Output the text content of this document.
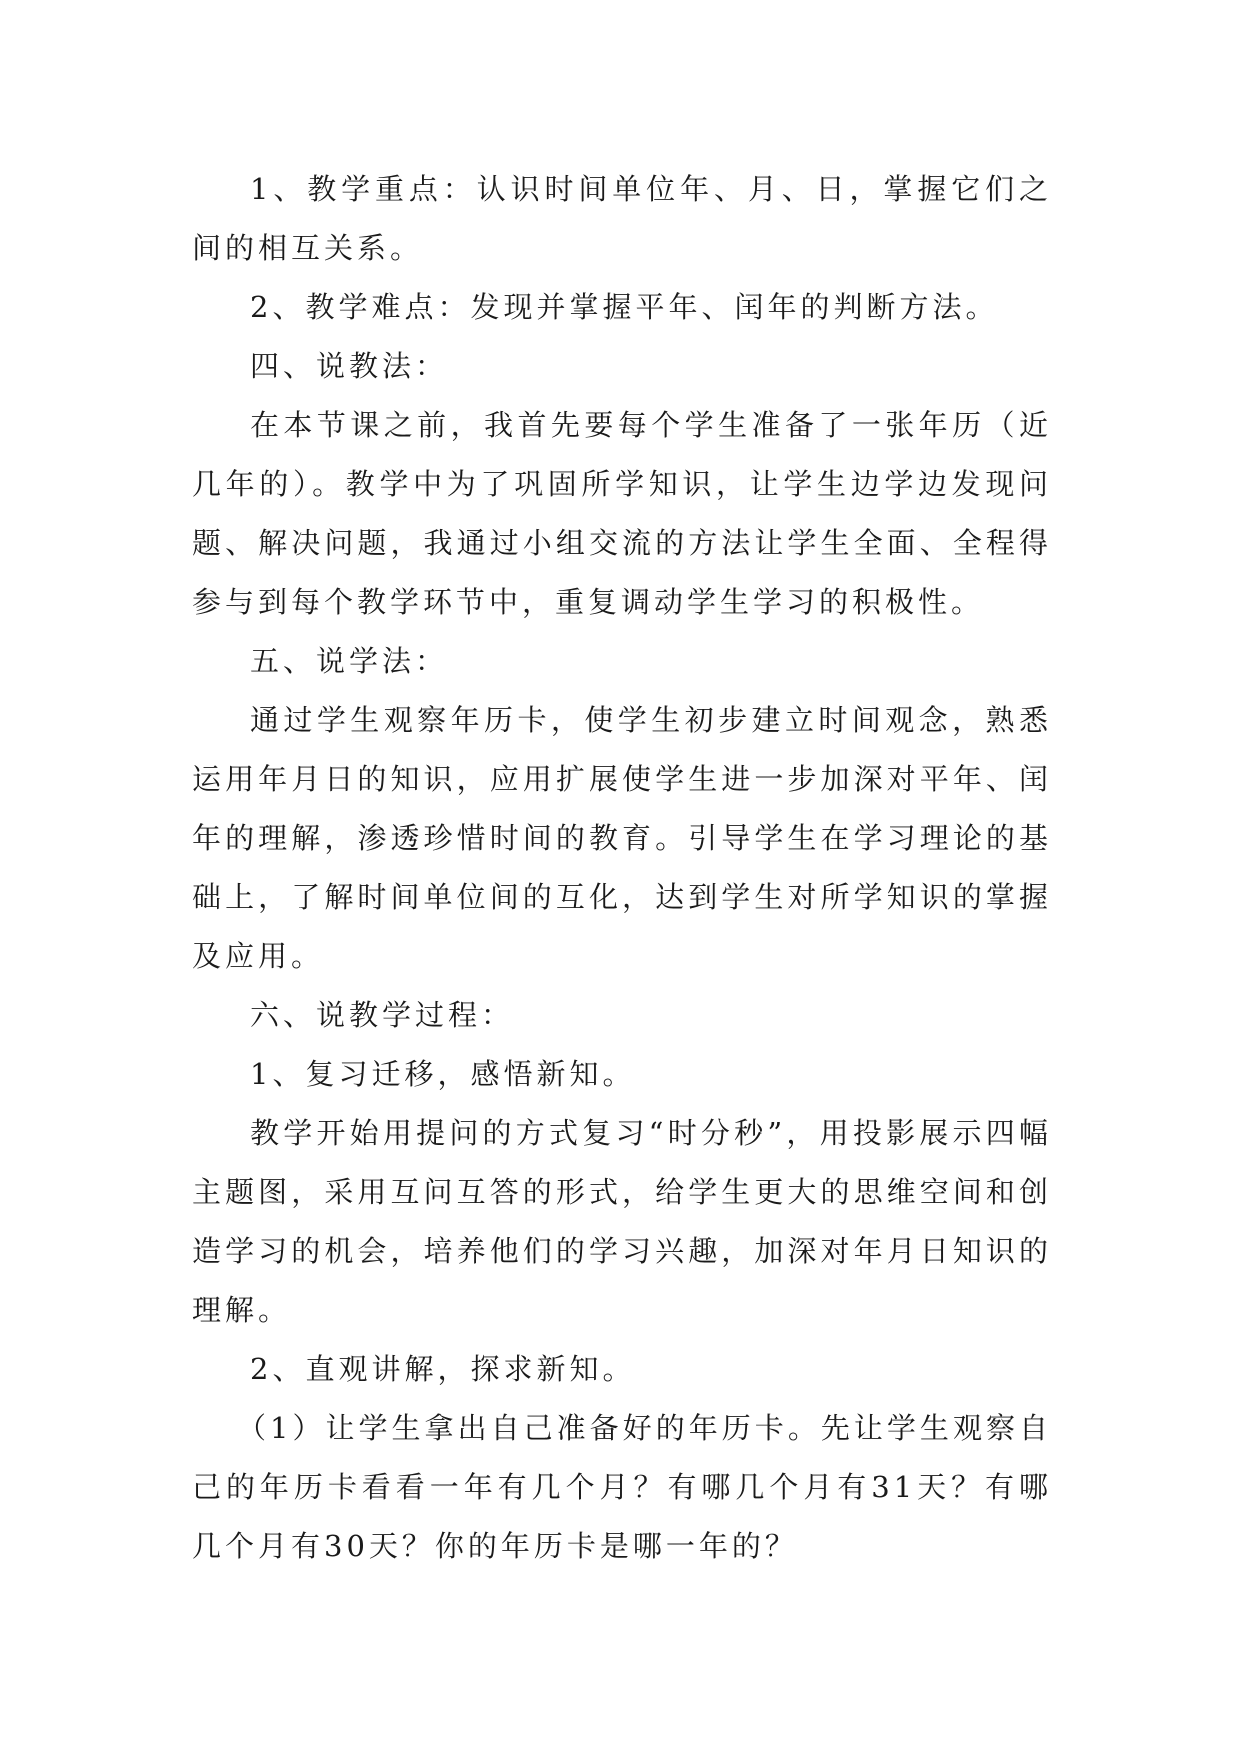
1、教学重点：认识时间单位年、月、日，掌握它们之间的相互关系。

2、教学难点：发现并掌握平年、闰年的判断方法。

四、说教法：

在本节课之前，我首先要每个学生准备了一张年历（近几年的）。教学中为了巩固所学知识，让学生边学边发现问题、解决问题，我通过小组交流的方法让学生全面、全程得参与到每个教学环节中，重复调动学生学习的积极性。

五、说学法：

通过学生观察年历卡，使学生初步建立时间观念，熟悉运用年月日的知识，应用扩展使学生进一步加深对平年、闰年的理解，渗透珍惜时间的教育。引导学生在学习理论的基础上，了解时间单位间的互化，达到学生对所学知识的掌握及应用。

六、说教学过程：

1、复习迁移，感悟新知。

教学开始用提问的方式复习“时分秒”，用投影展示四幅主题图，采用互问互答的形式，给学生更大的思维空间和创造学习的机会，培养他们的学习兴趣，加深对年月日知识的理解。

2、直观讲解，探求新知。

（1）让学生拿出自己准备好的年历卡。先让学生观察自己的年历卡看看一年有几个月？有哪几个月有31天？有哪几个月有30天？你的年历卡是哪一年的？
